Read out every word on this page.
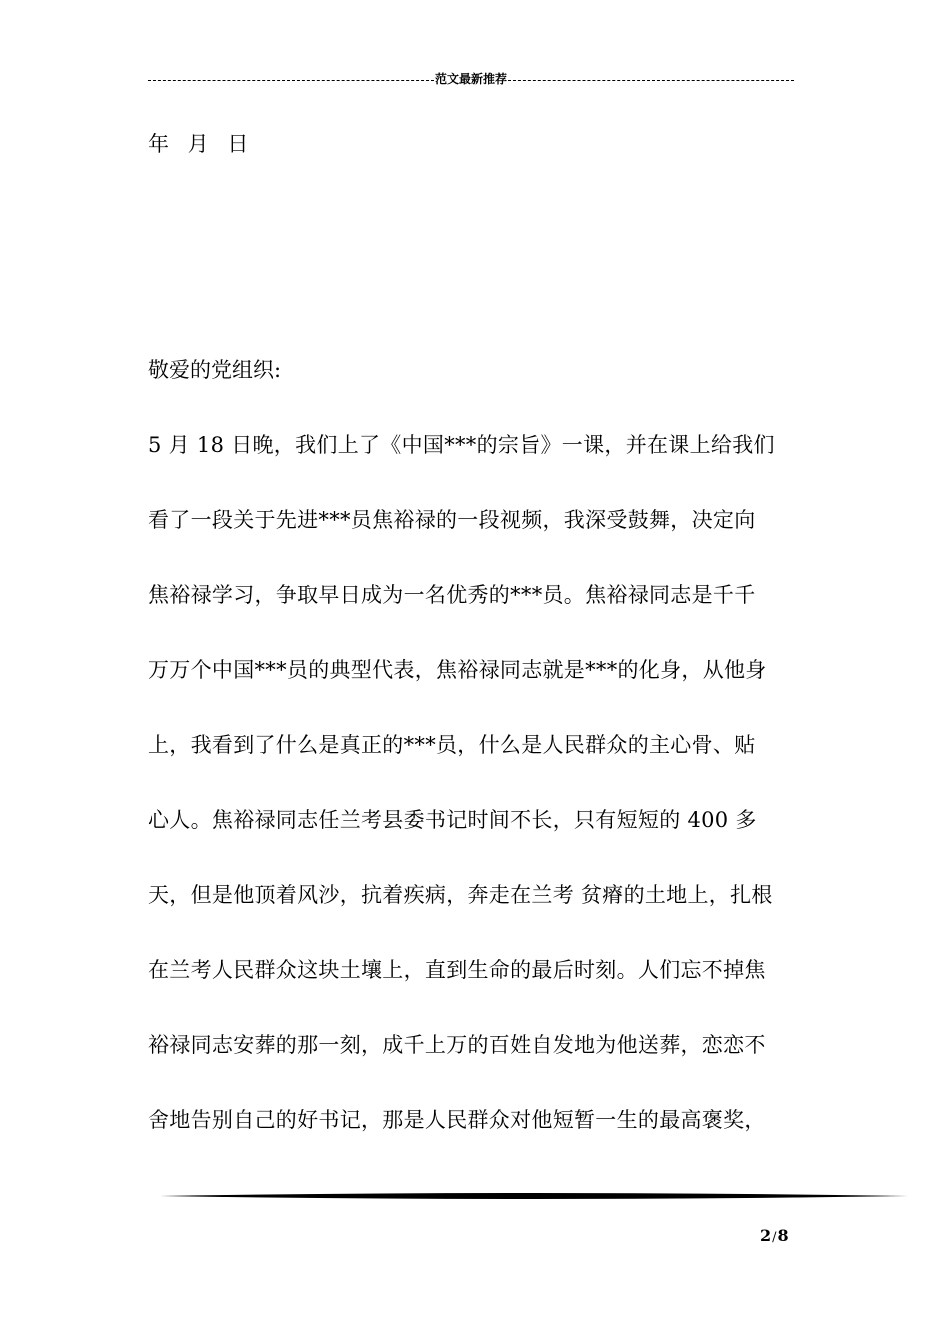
范文最新推荐
年 月 日
敬爱的党组织:
5 月 18 日晚，我们上了《中国***的宗旨》一课，并在课上给我们
看了一段关于先进***员焦裕禄的一段视频，我深受鼓舞，决定向
焦裕禄学习，争取早日成为一名优秀的***员。焦裕禄同志是千千
万万个中国***员的典型代表，焦裕禄同志就是***的化身，从他身
上，我看到了什么是真正的***员，什么是人民群众的主心骨、贴
心人。焦裕禄同志任兰考县委书记时间不长，只有短短的 400 多
天，但是他顶着风沙，抗着疾病，奔走在兰考 贫瘠的土地上，扎根
在兰考人民群众这块土壤上，直到生命的最后时刻。人们忘不掉焦
裕禄同志安葬的那一刻，成千上万的百姓自发地为他送葬，恋恋不
舍地告别自己的好书记，那是人民群众对他短暂一生的最高褒奖，
2/8
